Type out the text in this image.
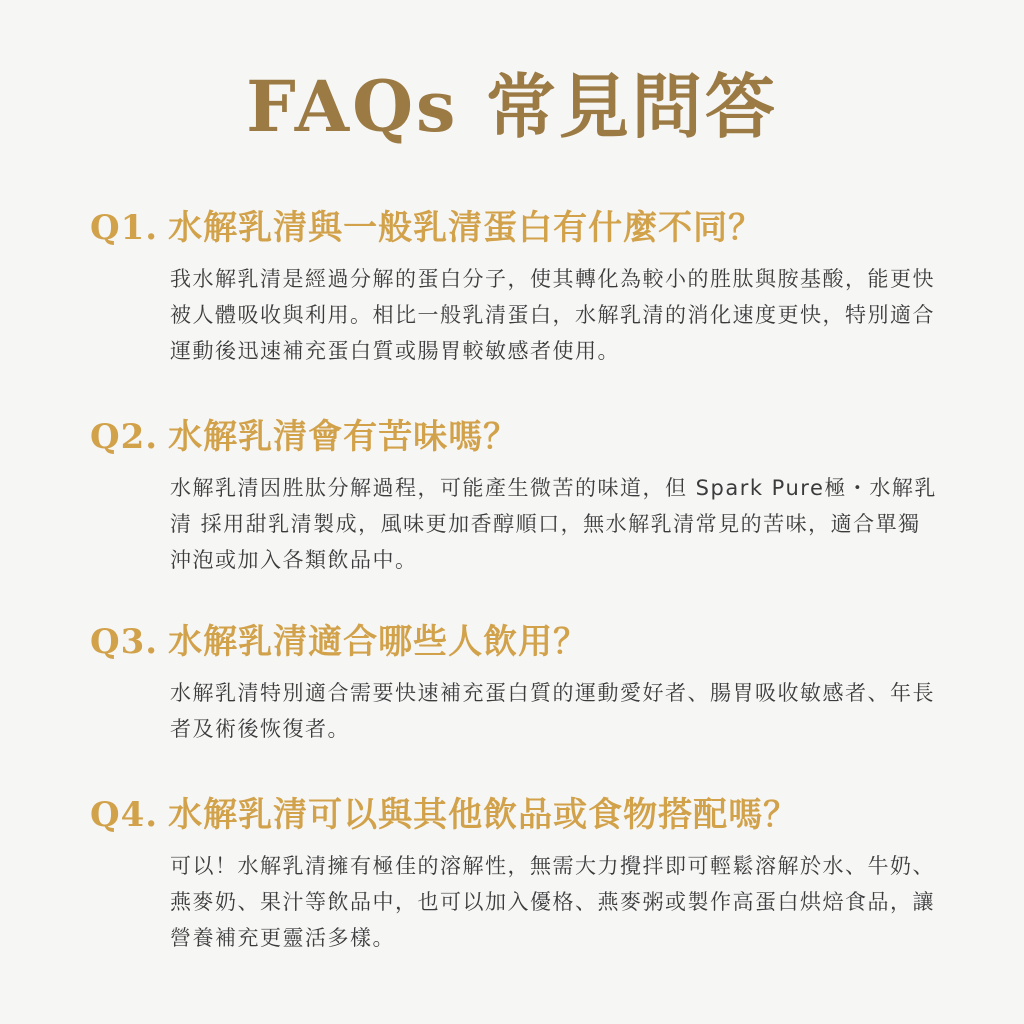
FAQs 常見問答
Q1. 水解乳清與一般乳清蛋白有什麼不同？

我水解乳清是經過分解的蛋白分子，使其轉化為較小的胜肽與胺基酸，能更快被人體吸收與利用。相比一般乳清蛋白，水解乳清的消化速度更快，特別適合運動後迅速補充蛋白質或腸胃較敏感者使用。

Q2. 水解乳清會有苦味嗎？

水解乳清因胜肽分解過程，可能產生微苦的味道，但 Spark Pure極・水解乳清 採用甜乳清製成，風味更加香醇順口，無水解乳清常見的苦味，適合單獨沖泡或加入各類飲品中。

Q3. 水解乳清適合哪些人飲用？

水解乳清特別適合需要快速補充蛋白質的運動愛好者、腸胃吸收敏感者、年長者及術後恢復者。

Q4. 水解乳清可以與其他飲品或食物搭配嗎？

可以！水解乳清擁有極佳的溶解性，無需大力攪拌即可輕鬆溶解於水、牛奶、燕麥奶、果汁等飲品中，也可以加入優格、燕麥粥或製作高蛋白烘焙食品，讓營養補充更靈活多樣。
